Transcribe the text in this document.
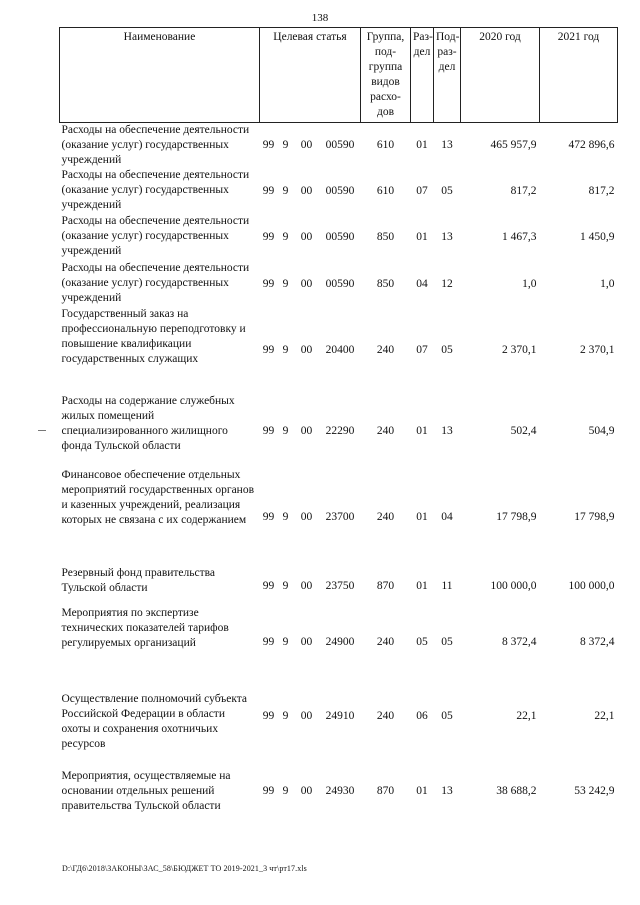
138
Наименование	Целевая статья				Группа, под- группа видов расхо- дов	Раз- дел	Под- раз- дел	2020 год	2021 год
Расходы на обеспечение деятельности (оказание услуг) государственных учреждений	99	9	00	00590	610	01	13	465 957,9	472 896,6
Расходы на обеспечение деятельности (оказание услуг) государственных учреждений	99	9	00	00590	610	07	05	817,2	817,2
Расходы на обеспечение деятельности (оказание услуг) государственных учреждений	99	9	00	00590	850	01	13	1 467,3	1 450,9
Расходы на обеспечение деятельности (оказание услуг) государственных учреждений	99	9	00	00590	850	04	12	1,0	1,0
Государственный заказ на профессиональную переподготовку и повышение квалификации государственных служащих	99	9	00	20400	240	07	05	2 370,1	2 370,1
Расходы на содержание служебных жилых помещений специализированного жилищного фонда Тульской области	99	9	00	22290	240	01	13	502,4	504,9
Финансовое обеспечение отдельных мероприятий государственных органов и казенных учреждений, реализация которых не связана с их содержанием	99	9	00	23700	240	01	04	17 798,9	17 798,9
Резервный фонд правительства Тульской области	99	9	00	23750	870	01	11	100 000,0	100 000,0
Мероприятия по экспертизе технических показателей тарифов регулируемых организаций	99	9	00	24900	240	05	05	8 372,4	8 372,4
Осуществление полномочий субъекта Российской Федерации в области охоты и сохранения охотничьих ресурсов	99	9	00	24910	240	06	05	22,1	22,1
Мероприятия, осуществляемые на основании отдельных решений правительства Тульской области	99	9	00	24930	870	01	13	38 688,2	53 242,9
D:\ГД6\2018\ЗАКОНЫ\ЗАС_58\БЮДЖЕТ ТО 2019-2021_3 чт\рт17.xls
